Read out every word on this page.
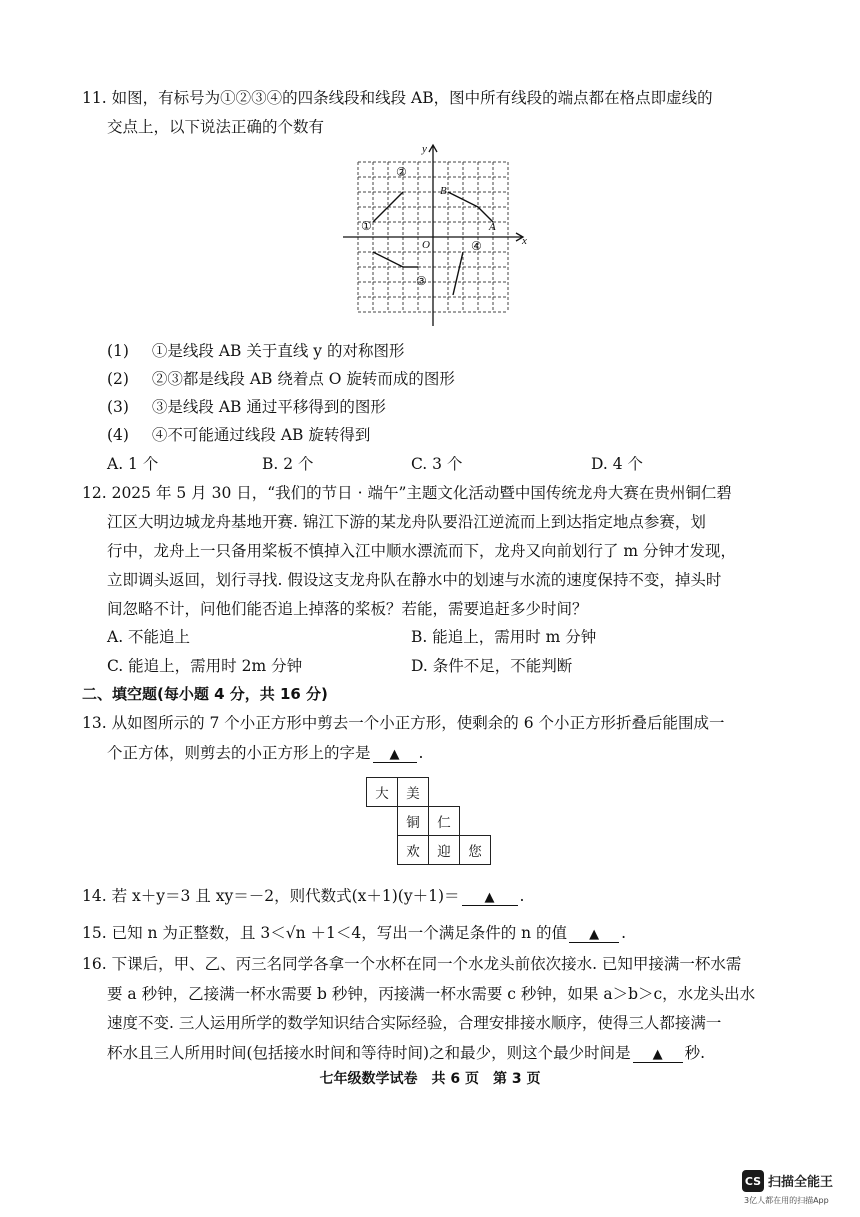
11. 如图，有标号为①②③④的四条线段和线段 AB，图中所有线段的端点都在格点即虚线的
交点上，以下说法正确的个数有
y
x
O
A
B
①
②
③
④
(1) ①是线段 AB 关于直线 y 的对称图形
(2) ②③都是线段 AB 绕着点 O 旋转而成的图形
(3) ③是线段 AB 通过平移得到的图形
(4) ④不可能通过线段 AB 旋转得到
A. 1 个	B. 2 个	C. 3 个	D. 4 个
12. 2025 年 5 月 30 日，“我们的节日 · 端午”主题文化活动暨中国传统龙舟大赛在贵州铜仁碧
江区大明边城龙舟基地开赛. 锦江下游的某龙舟队要沿江逆流而上到达指定地点参赛，划
行中，龙舟上一只备用桨板不慎掉入江中顺水漂流而下，龙舟又向前划行了 m 分钟才发现，
立即调头返回，划行寻找. 假设这支龙舟队在静水中的划速与水流的速度保持不变，掉头时
间忽略不计，问他们能否追上掉落的桨板？若能，需要追赶多少时间？
A. 不能追上	B. 能追上，需用时 m 分钟
C. 能追上，需用时 2m 分钟	D. 条件不足，不能判断
二、填空题(每小题 4 分，共 16 分)
13. 从如图所示的 7 个小正方形中剪去一个小正方形，使剩余的 6 个小正方形折叠后能围成一
个正方体，则剪去的小正方形上的字是 ▲ .
大	美
铜	仁
欢	迎	您
14. 若 x＋y＝3 且 xy＝－2，则代数式(x＋1)(y＋1)＝ ▲ .
15. 已知 n 为正整数，且 3＜√n ＋1＜4，写出一个满足条件的 n 的值 ▲ .
16. 下课后，甲、乙、丙三名同学各拿一个水杯在同一个水龙头前依次接水. 已知甲接满一杯水需
要 a 秒钟，乙接满一杯水需要 b 秒钟，丙接满一杯水需要 c 秒钟，如果 a＞b＞c，水龙头出水
速度不变. 三人运用所学的数学知识结合实际经验，合理安排接水顺序，使得三人都接满一
杯水且三人所用时间(包括接水时间和等待时间)之和最少，则这个最少时间是 ▲ 秒.
七年级数学试卷　共 6 页　第 3 页
CS 扫描全能王
3亿人都在用的扫描App
